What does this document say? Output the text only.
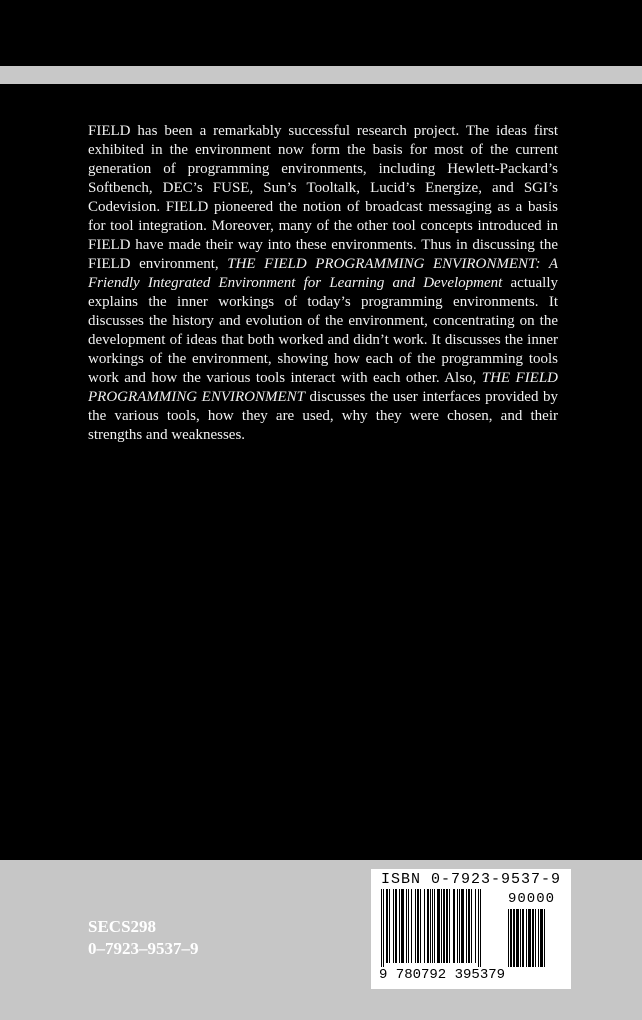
FIELD has been a remarkably successful research project. The ideas first exhibited in the environment now form the basis for most of the current generation of programming environments, including Hewlett-Packard’s Softbench, DEC’s FUSE, Sun’s Tooltalk, Lucid’s Energize, and SGI’s Codevision. FIELD pioneered the notion of broadcast messaging as a basis for tool integration. Moreover, many of the other tool concepts introduced in FIELD have made their way into these environments. Thus in discussing the FIELD environment, THE FIELD PROGRAMMING ENVIRONMENT: A Friendly Integrated Environment for Learning and Development actually explains the inner workings of today’s programming environments. It discusses the history and evolution of the environment, concentrating on the development of ideas that both worked and didn’t work. It discusses the inner workings of the environment, showing how each of the programming tools work and how the various tools interact with each other. Also, THE FIELD PROGRAMMING ENVIRONMENT discusses the user interfaces provided by the various tools, how they are used, why they were chosen, and their strengths and weaknesses.
SECS298
0–7923–9537–9
ISBN 0-7923-9537-9
90000
9 780792 395379
